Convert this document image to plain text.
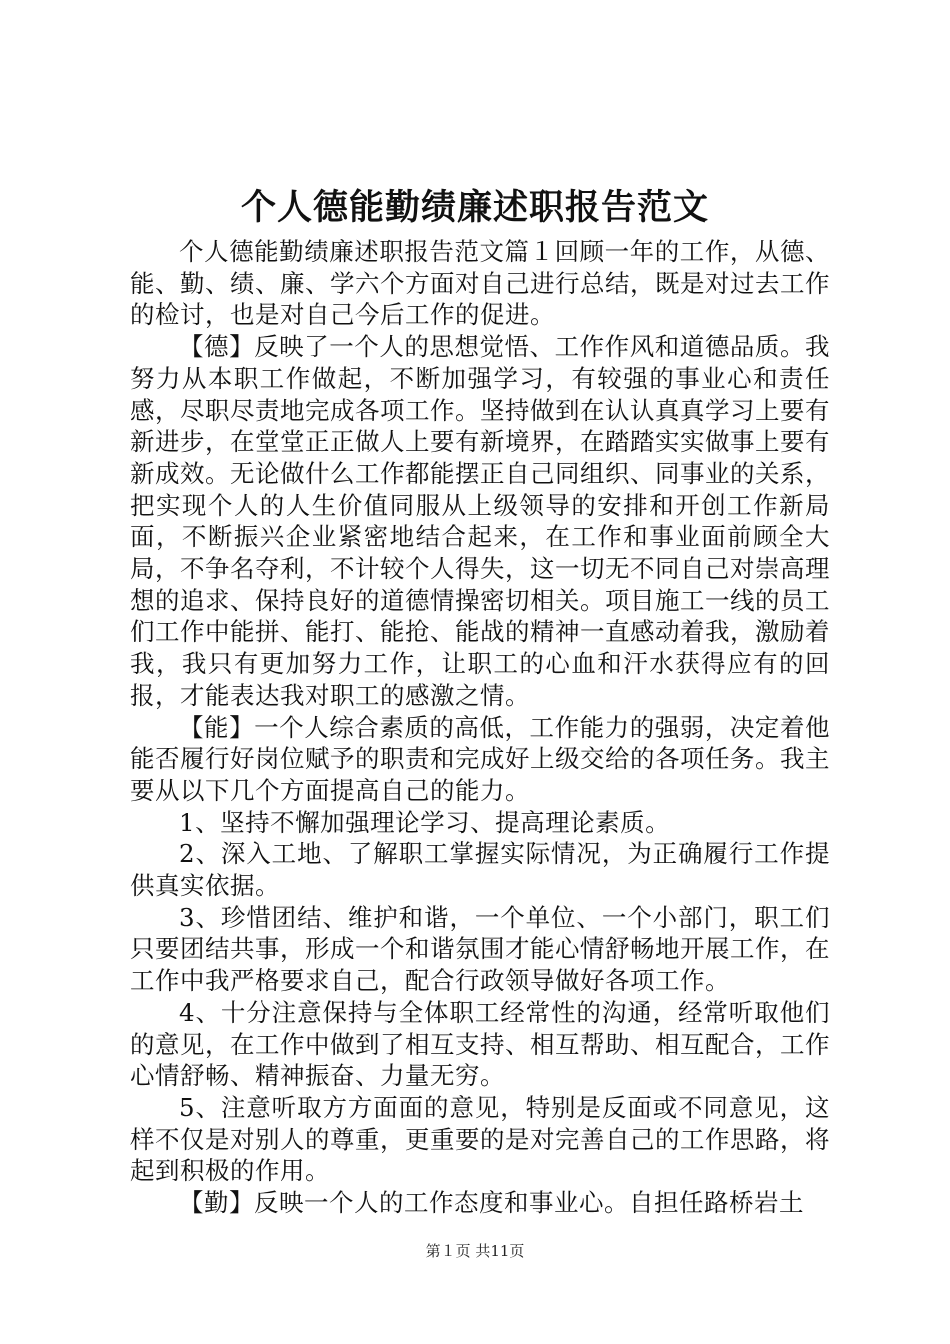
个人德能勤绩廉述职报告范文

个人德能勤绩廉述职报告范文篇１回顾一年的工作，从德、能、勤、绩、廉、学六个方面对自己进行总结，既是对过去工作的检讨，也是对自己今后工作的促进。

【德】反映了一个人的思想觉悟、工作作风和道德品质。我努力从本职工作做起，不断加强学习，有较强的事业心和责任感，尽职尽责地完成各项工作。坚持做到在认认真真学习上要有新进步，在堂堂正正做人上要有新境界，在踏踏实实做事上要有新成效。无论做什么工作都能摆正自己同组织、同事业的关系，把实现个人的人生价值同服从上级领导的安排和开创工作新局面，不断振兴企业紧密地结合起来，在工作和事业面前顾全大局，不争名夺利，不计较个人得失，这一切无不同自己对崇高理想的追求、保持良好的道德情操密切相关。项目施工一线的员工们工作中能拼、能打、能抢、能战的精神一直感动着我，激励着我，我只有更加努力工作，让职工的心血和汗水获得应有的回报，才能表达我对职工的感激之情。

【能】一个人综合素质的高低，工作能力的强弱，决定着他能否履行好岗位赋予的职责和完成好上级交给的各项任务。我主要从以下几个方面提高自己的能力。

1、坚持不懈加强理论学习、提高理论素质。

2、深入工地、了解职工掌握实际情况，为正确履行工作提供真实依据。

3、珍惜团结、维护和谐，一个单位、一个小部门，职工们只要团结共事，形成一个和谐氛围才能心情舒畅地开展工作，在工作中我严格要求自己，配合行政领导做好各项工作。

4、十分注意保持与全体职工经常性的沟通，经常听取他们的意见，在工作中做到了相互支持、相互帮助、相互配合，工作心情舒畅、精神振奋、力量无穷。

5、注意听取方方面面的意见，特别是反面或不同意见，这样不仅是对别人的尊重，更重要的是对完善自己的工作思路，将起到积极的作用。

【勤】反映一个人的工作态度和事业心。自担任路桥岩土

第１页 共11页
